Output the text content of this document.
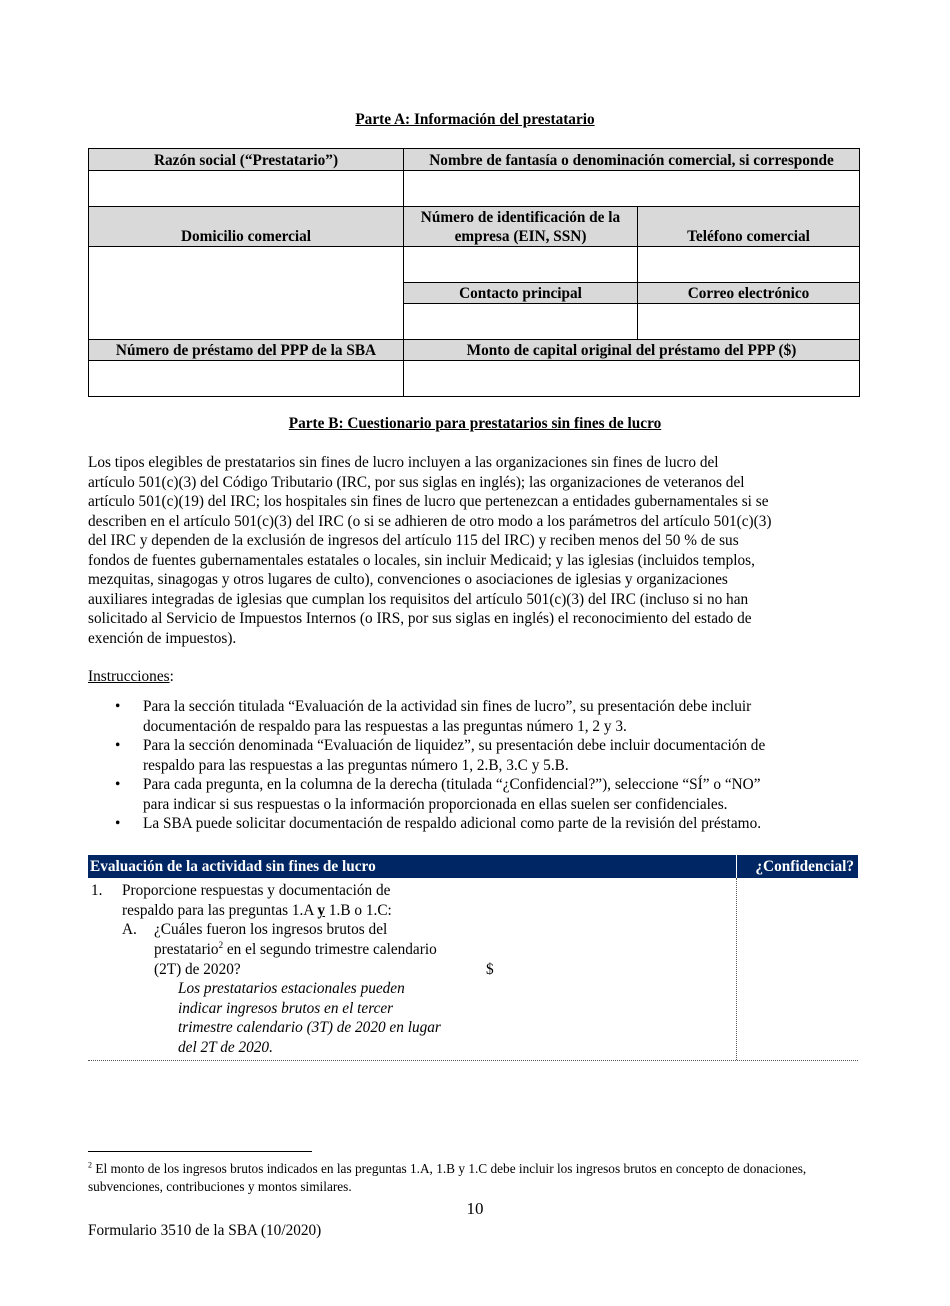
Parte A: Información del prestatario
Razón social (“Prestatario”)	Nombre de fantasía o denominación comercial, si corresponde	

Domicilio comercial	Número de identificación de la empresa (EIN, SSN)	Teléfono comercial

	Contacto principal	Correo electrónico

Número de préstamo del PPP de la SBA	Monto de capital original del préstamo del PPP ($)	

Parte B: Cuestionario para prestatarios sin fines de lucro
Los tipos elegibles de prestatarios sin fines de lucro incluyen a las organizaciones sin fines de lucro del
artículo 501(c)(3) del Código Tributario (IRC, por sus siglas en inglés); las organizaciones de veteranos del
artículo 501(c)(19) del IRC; los hospitales sin fines de lucro que pertenezcan a entidades gubernamentales si se
describen en el artículo 501(c)(3) del IRC (o si se adhieren de otro modo a los parámetros del artículo 501(c)(3)
del IRC y dependen de la exclusión de ingresos del artículo 115 del IRC) y reciben menos del 50 % de sus
fondos de fuentes gubernamentales estatales o locales, sin incluir Medicaid; y las iglesias (incluidos templos,
mezquitas, sinagogas y otros lugares de culto), convenciones o asociaciones de iglesias y organizaciones
auxiliares integradas de iglesias que cumplan los requisitos del artículo 501(c)(3) del IRC (incluso si no han
solicitado al Servicio de Impuestos Internos (o IRS, por sus siglas en inglés) el reconocimiento del estado de
exención de impuestos).

Instrucciones:

• Para la sección titulada “Evaluación de la actividad sin fines de lucro”, su presentación debe incluir
documentación de respaldo para las respuestas a las preguntas número 1, 2 y 3.
• Para la sección denominada “Evaluación de liquidez”, su presentación debe incluir documentación de
respaldo para las respuestas a las preguntas número 1, 2.B, 3.C y 5.B.
• Para cada pregunta, en la columna de la derecha (titulada “¿Confidencial?”), seleccione “SÍ” o “NO”
para indicar si sus respuestas o la información proporcionada en ellas suelen ser confidenciales.
• La SBA puede solicitar documentación de respaldo adicional como parte de la revisión del préstamo.
Evaluación de la actividad sin fines de lucro	¿Confidencial?

1. Proporcione respuestas y documentación de

respaldo para las preguntas 1.A y 1.B o 1.C:

A. ¿Cuáles fueron los ingresos brutos del

prestatario$^2$ en el segundo trimestre calendario

(2T) de 2020?	$

Los prestatarios estacionales pueden

indicar ingresos brutos en el tercer

trimestre calendario (3T) de 2020 en lugar

del 2T de 2020.

$^2$ El monto de los ingresos brutos indicados en las preguntas 1.A, 1.B y 1.C debe incluir los ingresos brutos en concepto de donaciones, subvenciones, contribuciones y montos similares.

10

Formulario 3510 de la SBA (10/2020)
